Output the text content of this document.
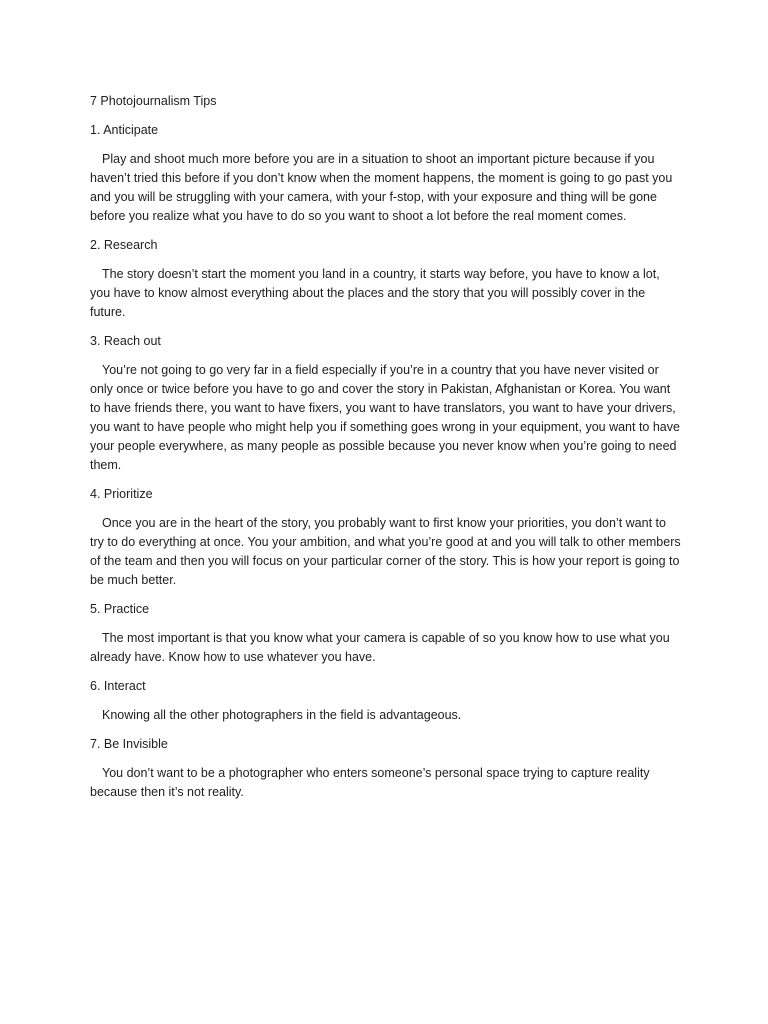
7 Photojournalism Tips

1. Anticipate

Play and shoot much more before you are in a situation to shoot an important picture because if you haven’t tried this before if you don’t know when the moment happens, the moment is going to go past you and you will be struggling with your camera, with your f-stop, with your exposure and thing will be gone before you realize what you have to do so you want to shoot a lot before the real moment comes.

2. Research

The story doesn’t start the moment you land in a country, it starts way before, you have to know a lot, you have to know almost everything about the places and the story that you will possibly cover in the future.

3. Reach out

You’re not going to go very far in a field especially if you’re in a country that you have never visited or only once or twice before you have to go and cover the story in Pakistan, Afghanistan or Korea. You want to have friends there, you want to have fixers, you want to have translators, you want to have your drivers, you want to have people who might help you if something goes wrong in your equipment, you want to have your people everywhere, as many people as possible because you never know when you’re going to need them.

4. Prioritize

Once you are in the heart of the story, you probably want to first know your priorities, you don’t want to try to do everything at once. You your ambition, and what you’re good at and you will talk to other members of the team and then you will focus on your particular corner of the story. This is how your report is going to be much better.

5. Practice

The most important is that you know what your camera is capable of so you know how to use what you already have. Know how to use whatever you have.

6. Interact

Knowing all the other photographers in the field is advantageous.

7. Be Invisible

You don’t want to be a photographer who enters someone’s personal space trying to capture reality because then it’s not reality.
